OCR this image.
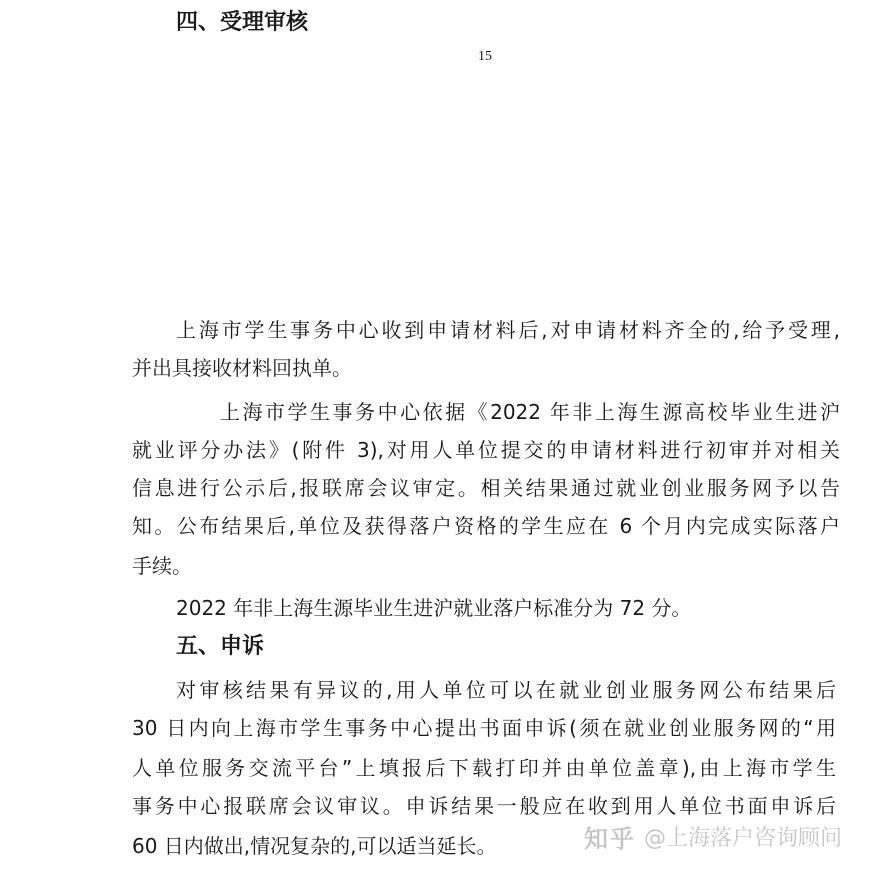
四、受理审核
15

上海市学生事务中心收到申请材料后,对申请材料齐全的,给予受理,

并出具接收材料回执单。

上海市学生事务中心依据《2022 年非上海生源高校毕业生进沪

就业评分办法》(附件 3),对用人单位提交的申请材料进行初审并对相关

信息进行公示后,报联席会议审定。相关结果通过就业创业服务网予以告

知。公布结果后,单位及获得落户资格的学生应在 6 个月内完成实际落户

手续。

2022 年非上海生源毕业生进沪就业落户标准分为 72 分。

五、申诉

对审核结果有异议的,用人单位可以在就业创业服务网公布结果后

30 日内向上海市学生事务中心提出书面申诉(须在就业创业服务网的“用

人单位服务交流平台”上填报后下载打印并由单位盖章),由上海市学生

事务中心报联席会议审议。申诉结果一般应在收到用人单位书面申诉后

60 日内做出,情况复杂的,可以适当延长。	知乎 @上海落户咨询顾问
